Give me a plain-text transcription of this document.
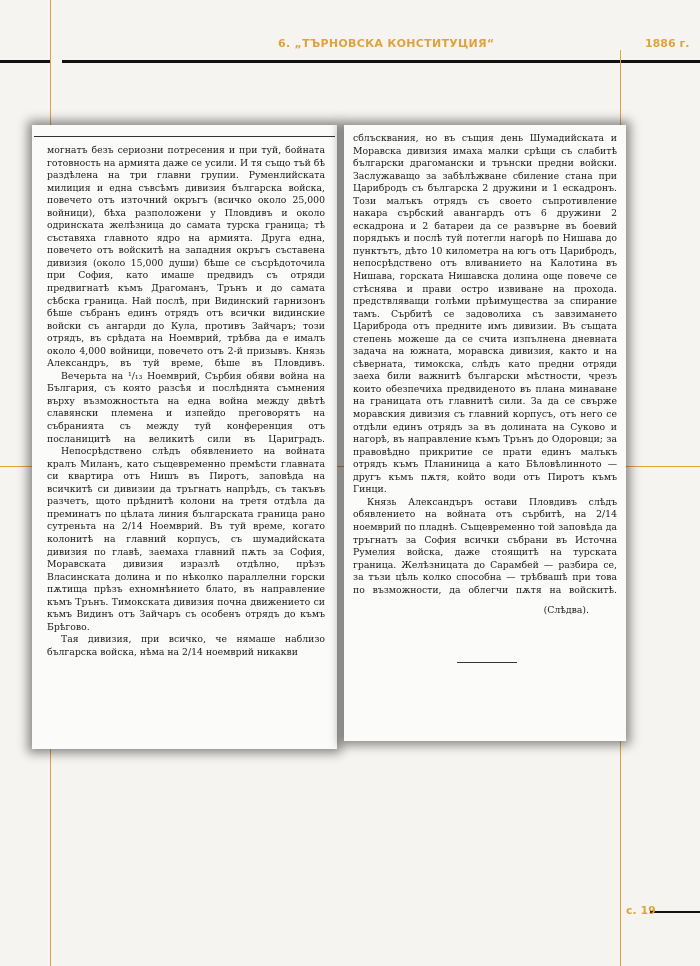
6. „ТЪРНОВСКА КОНСТИТУЦИЯ“	1886 г.
с. 19

могнатъ безъ сериозни потресения и при туй, бойната готовность на армията даже се усили. И тя също тъй бѣ раздѣлена на три главни групии. Руменлийската милиция и една съвсѣмъ дивизия българска войска, повечето отъ източний окръгъ (всичко около 25,000 войници), бѣха разположени у Пловдивъ и около одринската желѣзница до самата турска граница; тѣ съставяха главното ядро на армията. Друга една, повечето отъ войскитѣ на западния окръгъ съставена дивизия (около 15,000 души) бѣше се съсрѣдоточила при София, като имаше предвидъ съ отряди предвигнатѣ къмъ Драгоманъ, Трънъ и до самата сѣбска граница. Най послѣ, при Видинский гарнизонъ бѣше събранъ единъ отрядъ отъ всички видинские войски съ ангарди до Кула, противъ Зайчаръ; този отрядъ, въ срѣдата на Ноемврий, трѣбва да е ималъ около 4,000 войници, повечето отъ 2-й призывъ. Князь Александръ, въ туй време, бѣше въ Пловдивъ.

Вечерьта на ¹/₁₃ Ноемврий, Сърбия обяви война на България, съ която разсѣя и послѣднята съмнения върху възможностьта на една война между двѣтѣ славянски племена и изпейдо преговорятъ на събранията съ между туй конференция отъ посланицитѣ на великитѣ сили въ Цариградъ.

Непосрѣдствено слѣдъ обявлението на войната кралъ Миланъ, като същевременно премѣсти главната си квартира отъ Нишъ въ Пиротъ, заповѣда на всичкитѣ си дивизии да тръгнатъ напрѣдъ, съ такъвъ разчетъ, щото прѣднитѣ колони на третя отдѣла да преминатъ по цѣлата линия българската граница рано сутреньта на 2/14 Ноемврий. Въ туй време, когато колонитѣ на главний корпусъ, съ шумадийската дивизия по главѣ, заемаха главний пѫть за София, Моравската дивизия изразлѣ отдѣлно, прѣзъ Власинската долина и по нѣколко параллелни горски пѫтища прѣзъ ехномнѣнието блато, въ направление къмъ Трънъ. Тимокската дивизия почна движението си къмъ Видинъ отъ Зайчаръ съ особенъ отрядъ до къмъ Брѣгово.

Тая дивизия, при всичко, че нямаше наблизо българска войска, нѣма на 2/14 ноемврий никакви

сблъсквания, но въ същия день Шумадийската и Моравска дивизия имаха малки срѣщи съ слабитѣ български драгомански и трънски предни войски. Заслужаващо за забѣлѣжване сбиление стана при Царибродъ съ българска 2 дружини и 1 ескадронъ. Този малъкъ отрядъ съ своето съпротивление накара сърбский авангардъ отъ 6 дружини 2 ескадрона и 2 батареи да се развърне въ боевий порядъкъ и послѣ туй потегли нагорѣ по Нишава до пунктътъ, дѣто 10 километра на югъ отъ Царибродъ, непосрѣдствено отъ вливанието на Калотина въ Нишава, горската Нишавска долина още повече се стѣснява и прави остро извиване на прохода. предствляващи голѣми прѣимущества за спирание тамъ. Сърбитѣ се задоволиха съ завзимането Цариброда отъ предните имъ дивизии. Въ същата степень можеше да се счита изпълнена дневната задача на южната, моравска дивизия, както и на сѣверната, тимокска, слѣдъ като предни отряди заеха били важнитѣ български мѣстности, чрезъ които обезпечиха предвиденото въ плана минаване на границата отъ главнитѣ сили. За да се свърже моравския дивизия съ главний корпусъ, отъ него се отдѣли единъ отрядъ за въ долината на Суково и нагорѣ, въ направление къмъ Трънъ до Одоровци; за правовѣдно прикритие се прати единъ малъкъ отрядъ къмъ Планиница а като Бѣловѣлинното — другъ къмъ пѫтя, който води отъ Пиротъ къмъ Гинци.

Князь Александъръ остави Пловдивъ слѣдъ обявлението на войната отъ сърбитѣ, на 2/14 ноемврий по пладнѣ. Същевременно той заповѣда да тръгнатъ за София всички събрани въ Источна Румелия войска, даже стоящитѣ на турската граница. Желѣзницата до Сарамбей — разбира се, за тъзи цѣль колко способна — трѣбвашѣ при това по възможности, да облегчи пѫтя на войскитѣ.

(Слѣдва).
